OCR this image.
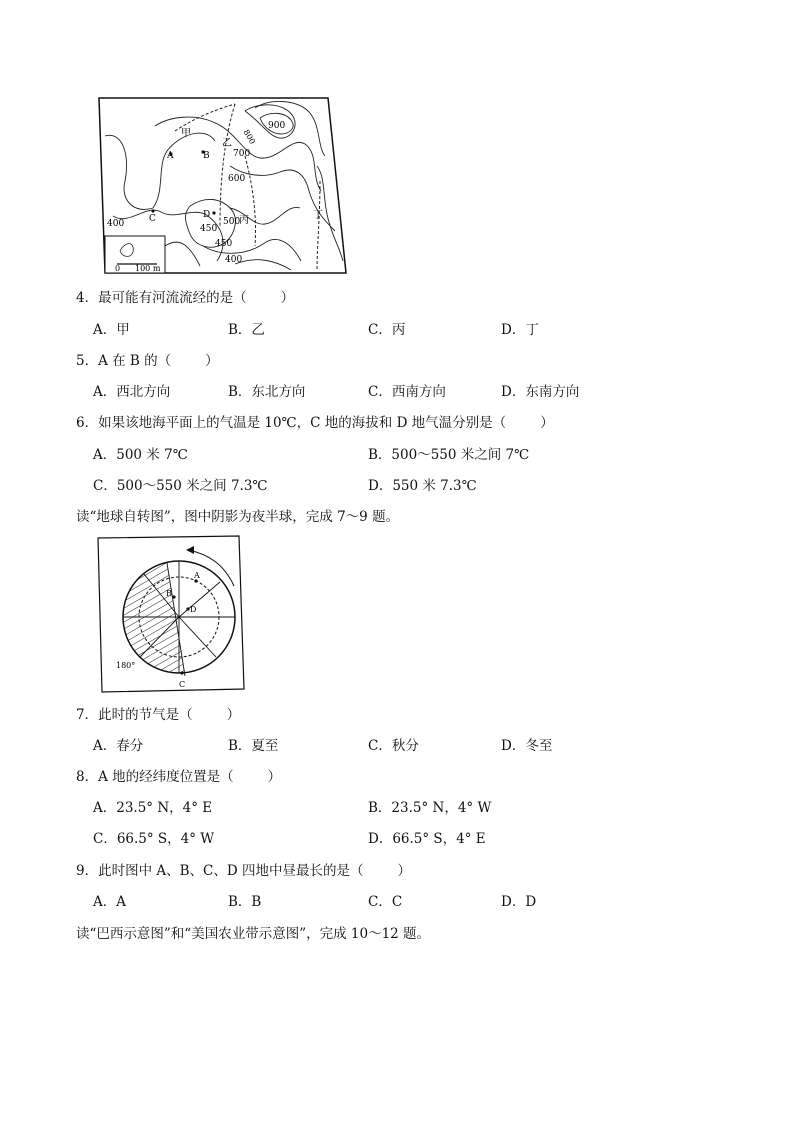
900
700
600
500
450
450
400
400
800
甲
乙
丙	丁
A	B
C	D
0 100 m
4．最可能有河流流经的是（	）
A．甲	B．乙	C．丙	D．丁
5．A 在 B 的（	）
A．西北方向	B．东北方向	C．西南方向	D．东南方向
6．如果该地海平面上的气温是 10℃，C 地的海拔和 D 地气温分别是（	）
A．500 米 7℃	B．500～550 米之间 7℃
C．500～550 米之间 7.3℃	D．550 米 7.3℃
读“地球自转图”，图中阴影为夜半球，完成 7～9 题。
A
B
C
D
180°
7．此时的节气是（	）
A．春分	B．夏至	C．秋分	D．冬至
8．A 地的经纬度位置是（	）
A．23.5° N，4° E	B．23.5° N，4° W
C．66.5° S，4° W	D．66.5° S，4° E
9．此时图中 A、B、C、D 四地中昼最长的是（	）
A．A	B．B	C．C	D．D
读“巴西示意图”和“美国农业带示意图”，完成 10～12 题。
